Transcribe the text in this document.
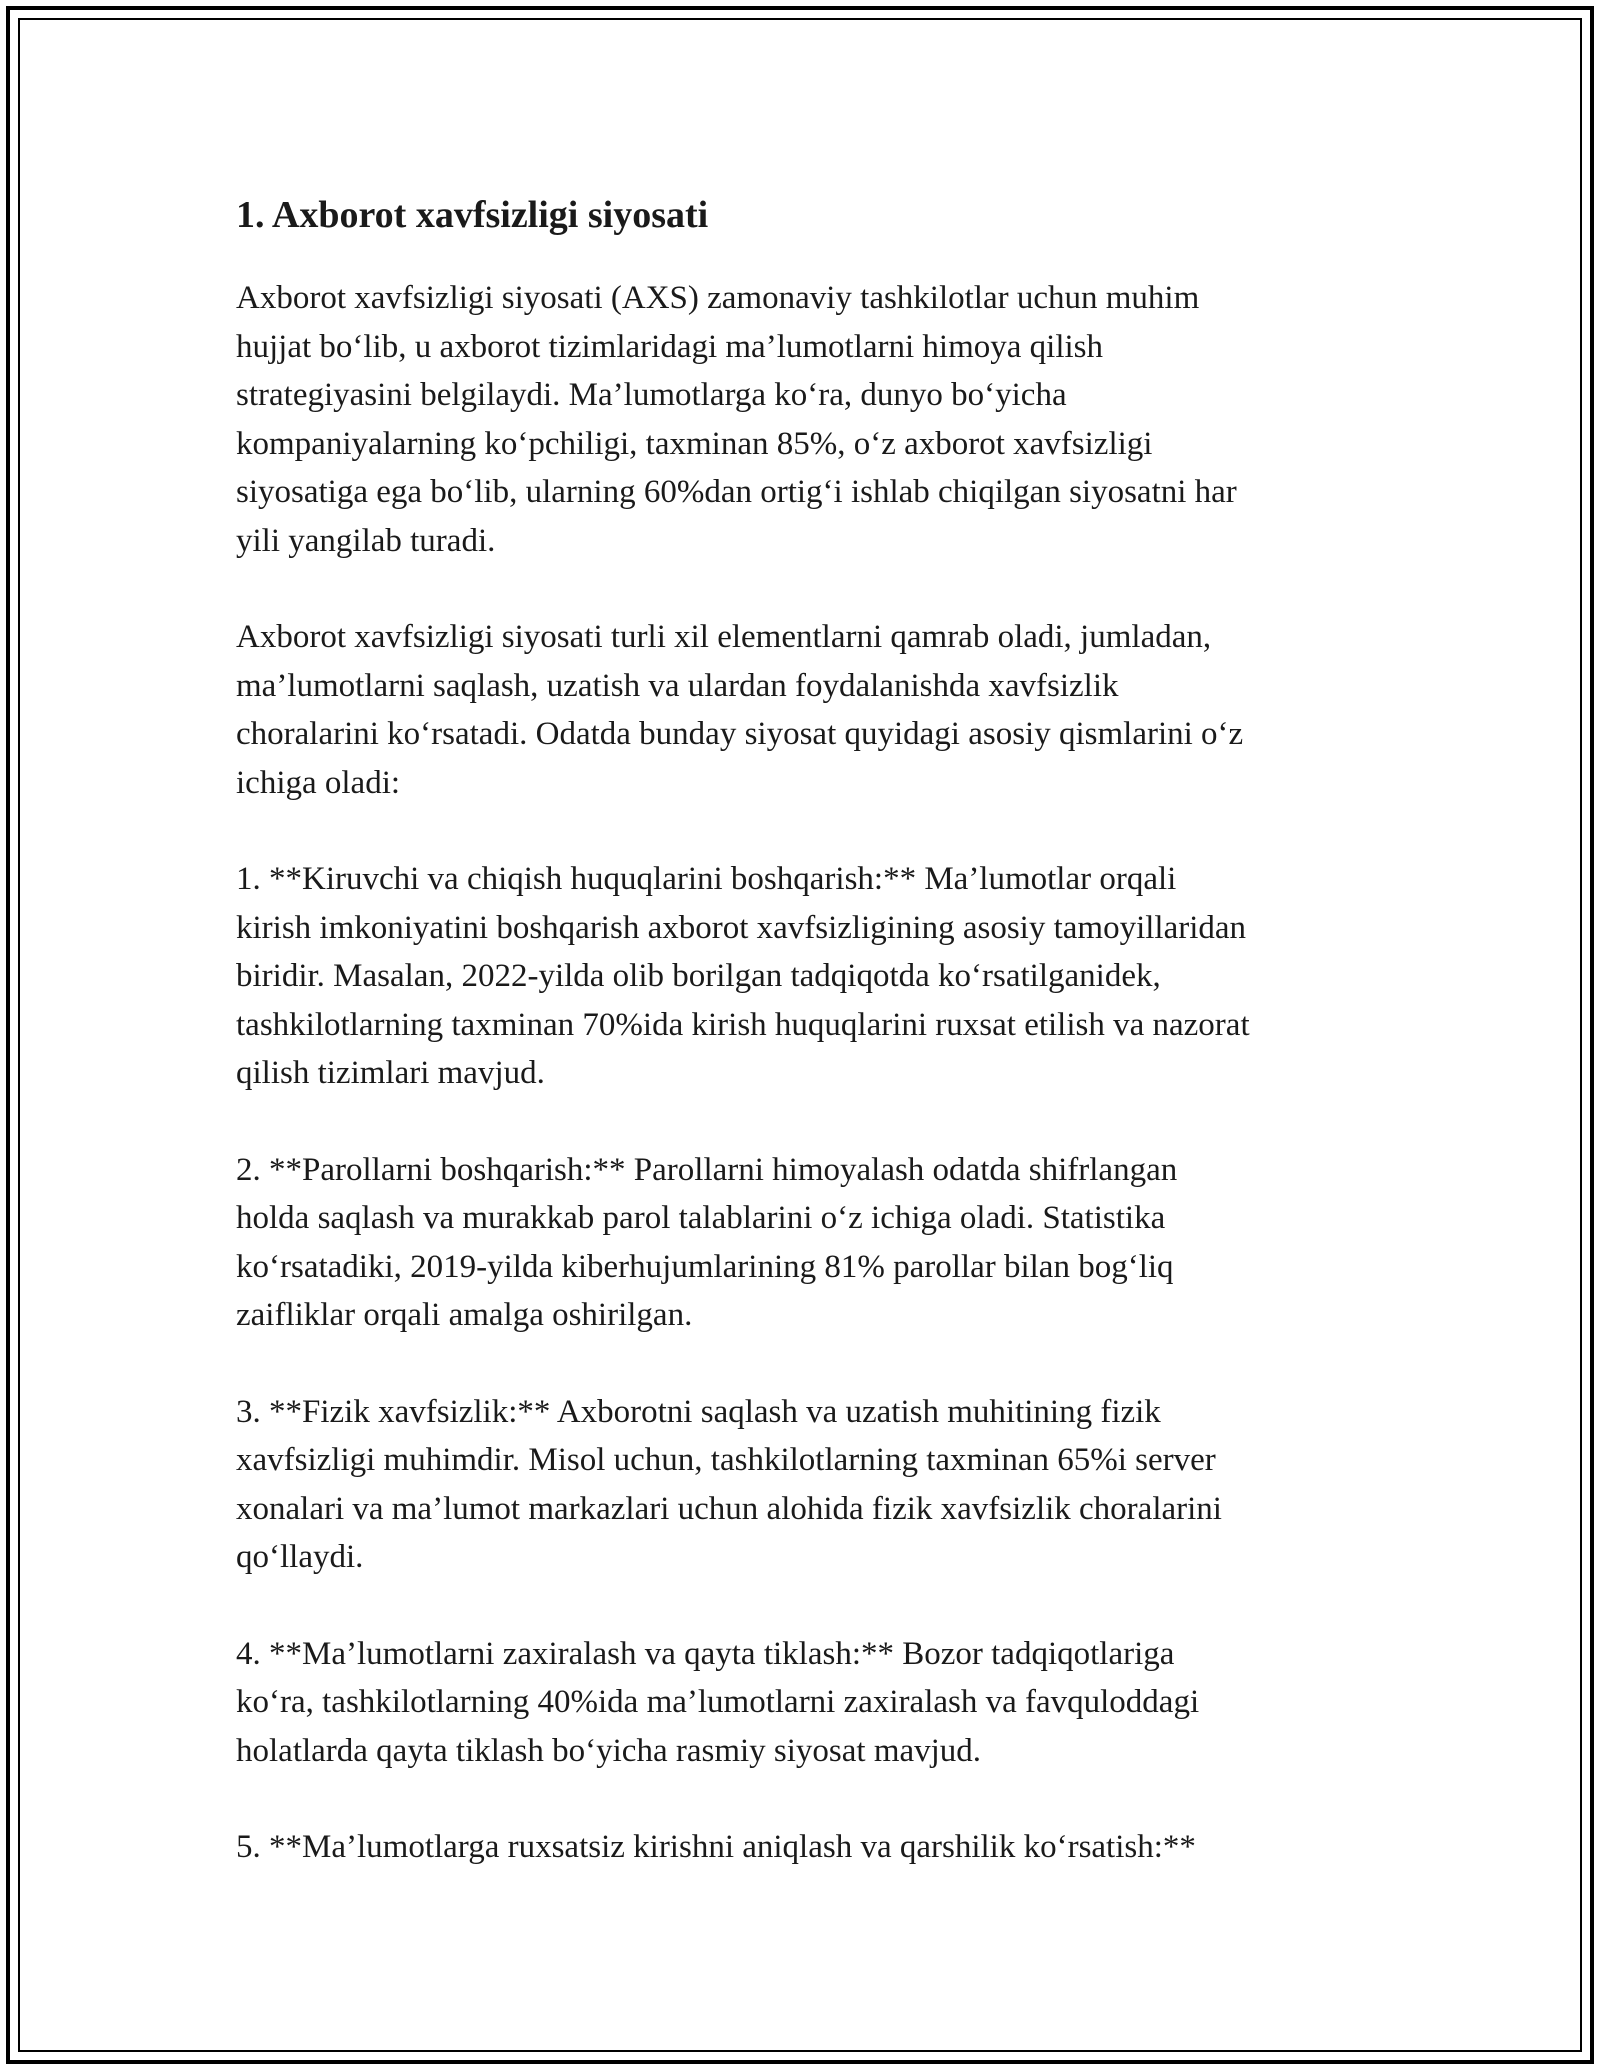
1. Axborot xavfsizligi siyosati

Axborot xavfsizligi siyosati (AXS) zamonaviy tashkilotlar uchun muhim
hujjat bo‘lib, u axborot tizimlaridagi ma’lumotlarni himoya qilish
strategiyasini belgilaydi. Ma’lumotlarga ko‘ra, dunyo bo‘yicha
kompaniyalarning ko‘pchiligi, taxminan 85%, o‘z axborot xavfsizligi
siyosatiga ega bo‘lib, ularning 60%dan ortig‘i ishlab chiqilgan siyosatni har
yili yangilab turadi.

Axborot xavfsizligi siyosati turli xil elementlarni qamrab oladi, jumladan,
ma’lumotlarni saqlash, uzatish va ulardan foydalanishda xavfsizlik
choralarini ko‘rsatadi. Odatda bunday siyosat quyidagi asosiy qismlarini o‘z
ichiga oladi:

1. **Kiruvchi va chiqish huquqlarini boshqarish:** Ma’lumotlar orqali
kirish imkoniyatini boshqarish axborot xavfsizligining asosiy tamoyillaridan
biridir. Masalan, 2022-yilda olib borilgan tadqiqotda ko‘rsatilganidek,
tashkilotlarning taxminan 70%ida kirish huquqlarini ruxsat etilish va nazorat
qilish tizimlari mavjud.

2. **Parollarni boshqarish:** Parollarni himoyalash odatda shifrlangan
holda saqlash va murakkab parol talablarini o‘z ichiga oladi. Statistika
ko‘rsatadiki, 2019-yilda kiberhujumlarining 81% parollar bilan bog‘liq
zaifliklar orqali amalga oshirilgan.

3. **Fizik xavfsizlik:** Axborotni saqlash va uzatish muhitining fizik
xavfsizligi muhimdir. Misol uchun, tashkilotlarning taxminan 65%i server
xonalari va ma’lumot markazlari uchun alohida fizik xavfsizlik choralarini
qo‘llaydi.

4. **Ma’lumotlarni zaxiralash va qayta tiklash:** Bozor tadqiqotlariga
ko‘ra, tashkilotlarning 40%ida ma’lumotlarni zaxiralash va favquloddagi
holatlarda qayta tiklash bo‘yicha rasmiy siyosat mavjud.

5. **Ma’lumotlarga ruxsatsiz kirishni aniqlash va qarshilik ko‘rsatish:**
